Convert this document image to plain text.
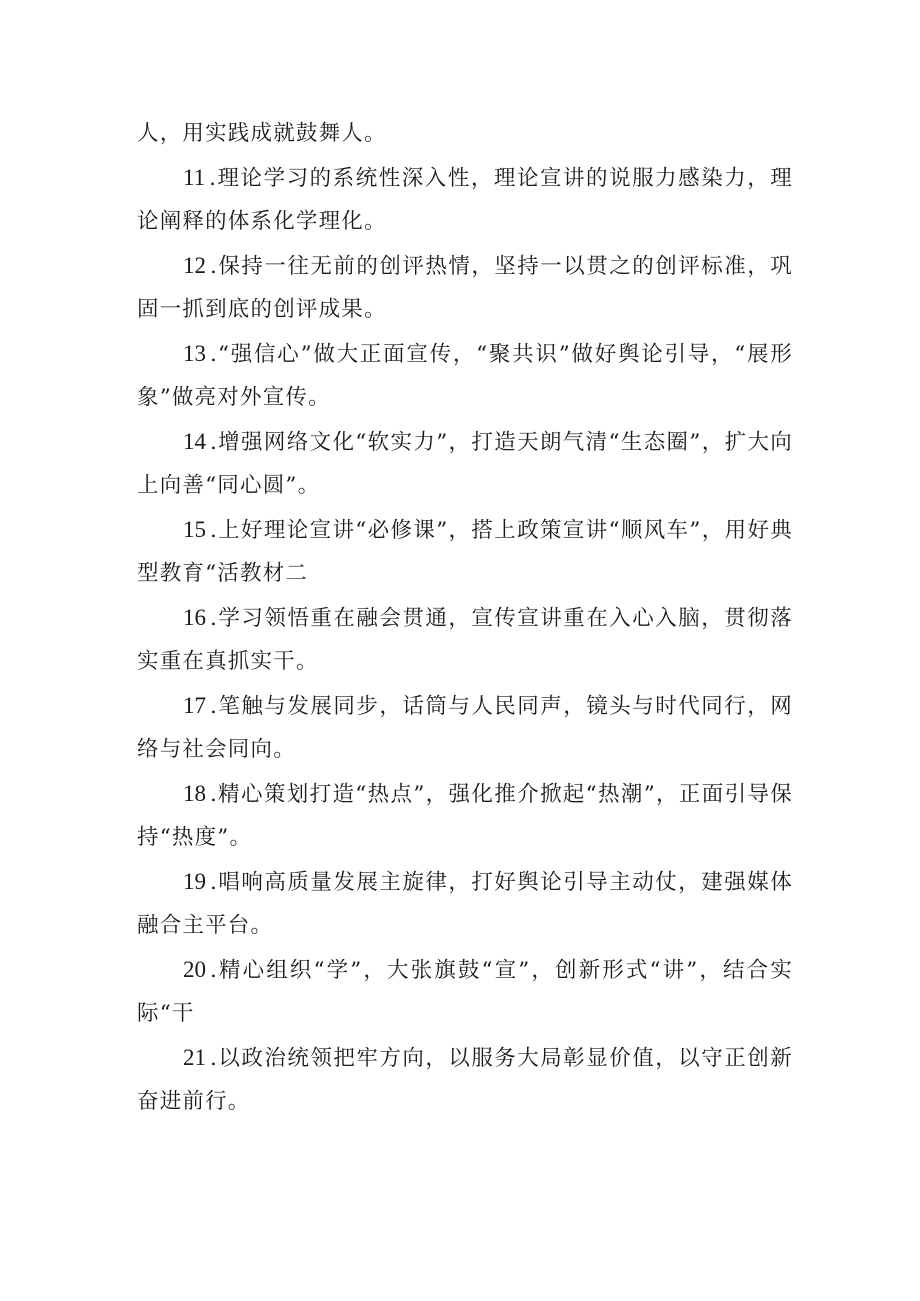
人，用实践成就鼓舞人。

11 .理论学习的系统性深入性，理论宣讲的说服力感染力，理论阐释的体系化学理化。

12 .保持一往无前的创评热情，坚持一以贯之的创评标准，巩固一抓到底的创评成果。

13 .“强信心”做大正面宣传，“聚共识”做好舆论引导，“展形象”做亮对外宣传。

14 .增强网络文化“软实力”，打造天朗气清“生态圈”，扩大向上向善“同心圆”。

15 .上好理论宣讲“必修课”，搭上政策宣讲“顺风车”，用好典型教育“活教材二

16 .学习领悟重在融会贯通，宣传宣讲重在入心入脑，贯彻落实重在真抓实干。

17 .笔触与发展同步，话筒与人民同声，镜头与时代同行，网络与社会同向。

18 .精心策划打造“热点”，强化推介掀起“热潮”，正面引导保持“热度”。

19 .唱响高质量发展主旋律，打好舆论引导主动仗，建强媒体融合主平台。

20 .精心组织“学”，大张旗鼓“宣”，创新形式“讲”，结合实际“干

21 .以政治统领把牢方向，以服务大局彰显价值，以守正创新奋进前行。
